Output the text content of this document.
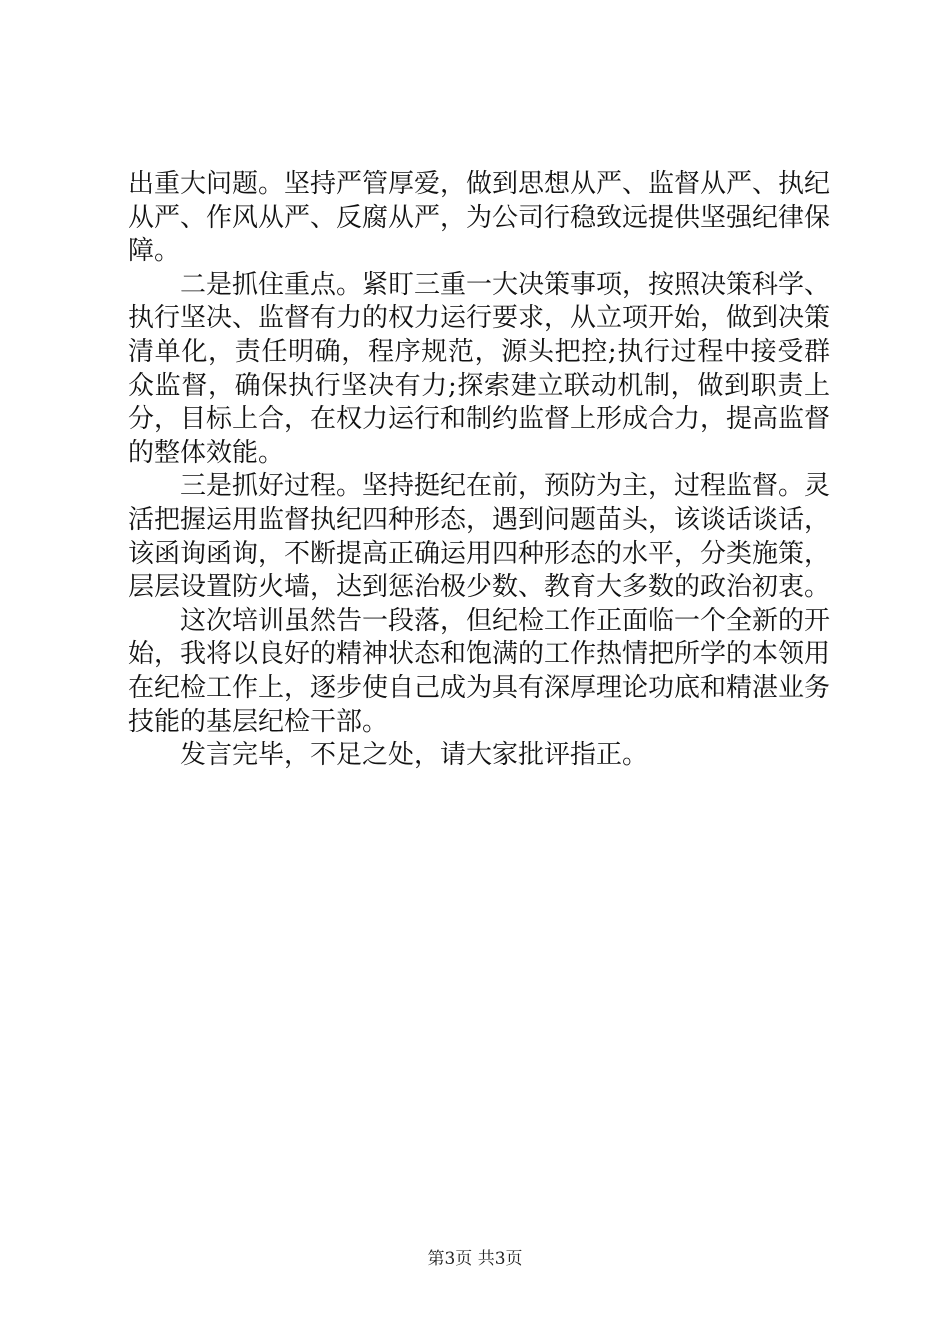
出重大问题。坚持严管厚爱，做到思想从严、监督从严、执纪从严、作风从严、反腐从严，为公司行稳致远提供坚强纪律保障。

二是抓住重点。紧盯三重一大决策事项，按照决策科学、执行坚决、监督有力的权力运行要求，从立项开始，做到决策清单化，责任明确，程序规范，源头把控;执行过程中接受群众监督，确保执行坚决有力;探索建立联动机制，做到职责上分，目标上合，在权力运行和制约监督上形成合力，提高监督的整体效能。

三是抓好过程。坚持挺纪在前，预防为主，过程监督。灵活把握运用监督执纪四种形态，遇到问题苗头，该谈话谈话，该函询函询，不断提高正确运用四种形态的水平，分类施策，层层设置防火墙，达到惩治极少数、教育大多数的政治初衷。

这次培训虽然告一段落，但纪检工作正面临一个全新的开始，我将以良好的精神状态和饱满的工作热情把所学的本领用在纪检工作上，逐步使自己成为具有深厚理论功底和精湛业务技能的基层纪检干部。

发言完毕，不足之处，请大家批评指正。

第3页 共3页
